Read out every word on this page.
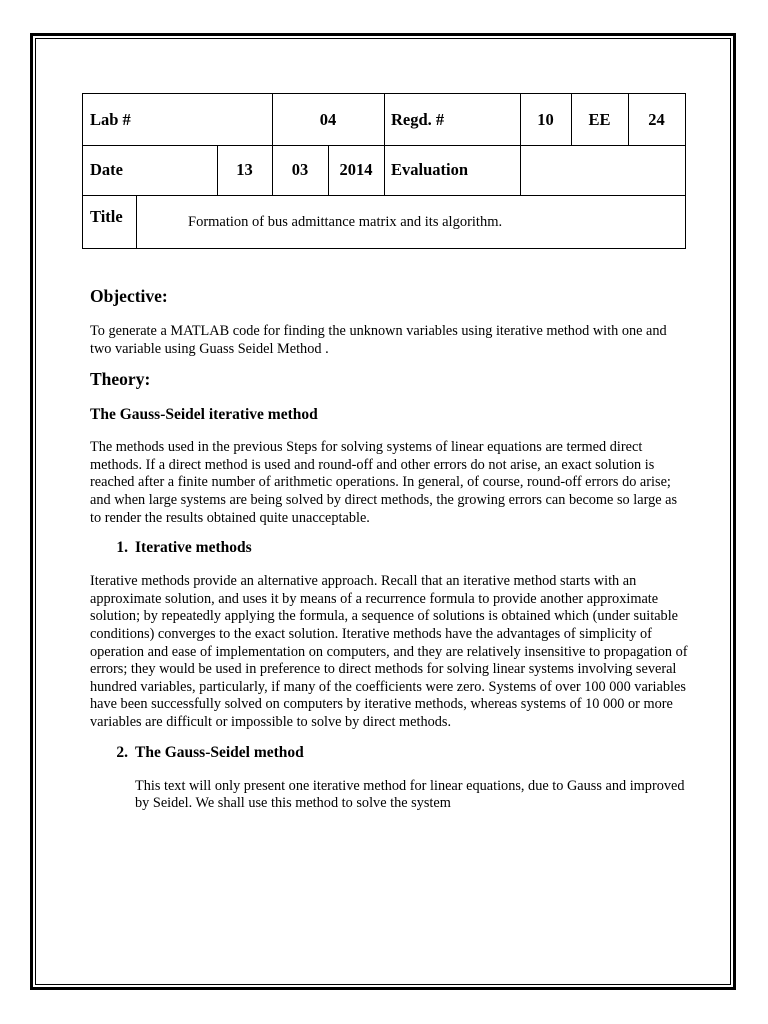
Lab #	04	Regd. #	10	EE	24
Date	13	03	2014	Evaluation
Title	Formation of bus admittance matrix and its algorithm.
Objective:

To generate a MATLAB code for finding the unknown variables using iterative method with one and two variable using Guass Seidel Method .

Theory:
The Gauss-Seidel iterative method

The methods used in the previous Steps for solving systems of linear equations are termed direct methods. If a direct method is used and round-off and other errors do not arise, an exact solution is reached after a finite number of arithmetic operations. In general, of course, round-off errors do arise; and when large systems are being solved by direct methods, the growing errors can become so large as to render the results obtained quite unacceptable.

1. Iterative methods

Iterative methods provide an alternative approach. Recall that an iterative method starts with an approximate solution, and uses it by means of a recurrence formula to provide another approximate solution; by repeatedly applying the formula, a sequence of solutions is obtained which (under suitable conditions) converges to the exact solution. Iterative methods have the advantages of simplicity of operation and ease of implementation on computers, and they are relatively insensitive to propagation of errors; they would be used in preference to direct methods for solving linear systems involving several hundred variables, particularly, if many of the coefficients were zero. Systems of over 100 000 variables have been successfully solved on computers by iterative methods, whereas systems of 10 000 or more variables are difficult or impossible to solve by direct methods.

2. The Gauss-Seidel method

This text will only present one iterative method for linear equations, due to Gauss and improved by Seidel. We shall use this method to solve the system
